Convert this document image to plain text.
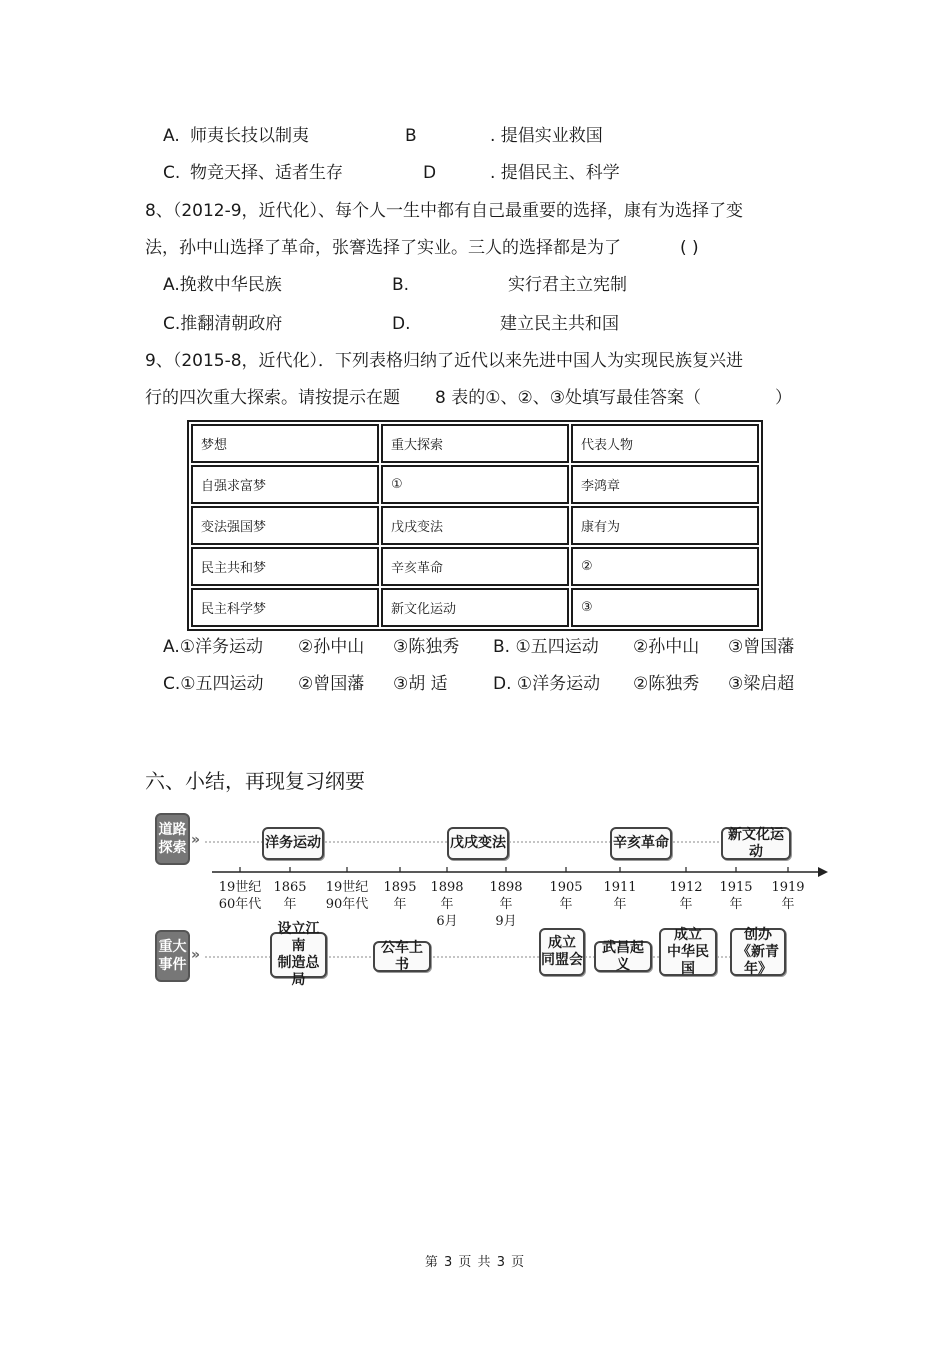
A. 师夷长技以制夷	B	. 提倡实业救国
C. 物竞天择、适者生存	D	. 提倡民主、科学
8、（2012-9，近代化）、每个人一生中都有自己最重要的选择，康有为选择了变
法，孙中山选择了革命，张謇选择了实业。三人的选择都是为了	( )
A.挽救中华民族	B.	实行君主立宪制
C.推翻清朝政府	D.	建立民主共和国
9、（2015-8，近代化）．下列表格归纳了近代以来先进中国人为实现民族复兴进
行的四次重大探索。请按提示在题 8 表的①、②、③处填写最佳答案（	）
梦想	重大探索	代表人物
自强求富梦	①	李鸿章
变法强国梦	戊戌变法	康有为
民主共和梦	辛亥革命	②
民主科学梦	新文化运动	③
A.①洋务运动 ②孙中山 ③陈独秀 B. ①五四运动 ②孙中山 ③曾国藩
C.①五四运动 ②曾国藩 ③胡 适	D. ①洋务运动 ②陈独秀 ③梁启超
六、小结，再现复习纲要
道路
探索 »
重大
事件
»
洋务运动	戊戌变法	辛亥革命
新文化运动
19世纪
60年代
1865年
19世纪
90年代
1895年
1898年
6月
1898年
9月
1905年
1911年
1912年
1915年
1919年
设立江南
制造总局
公车上书
成立
同盟会
武昌起义
成立
中华民国
创办
《新青年》
第 3 页 共 3 页
